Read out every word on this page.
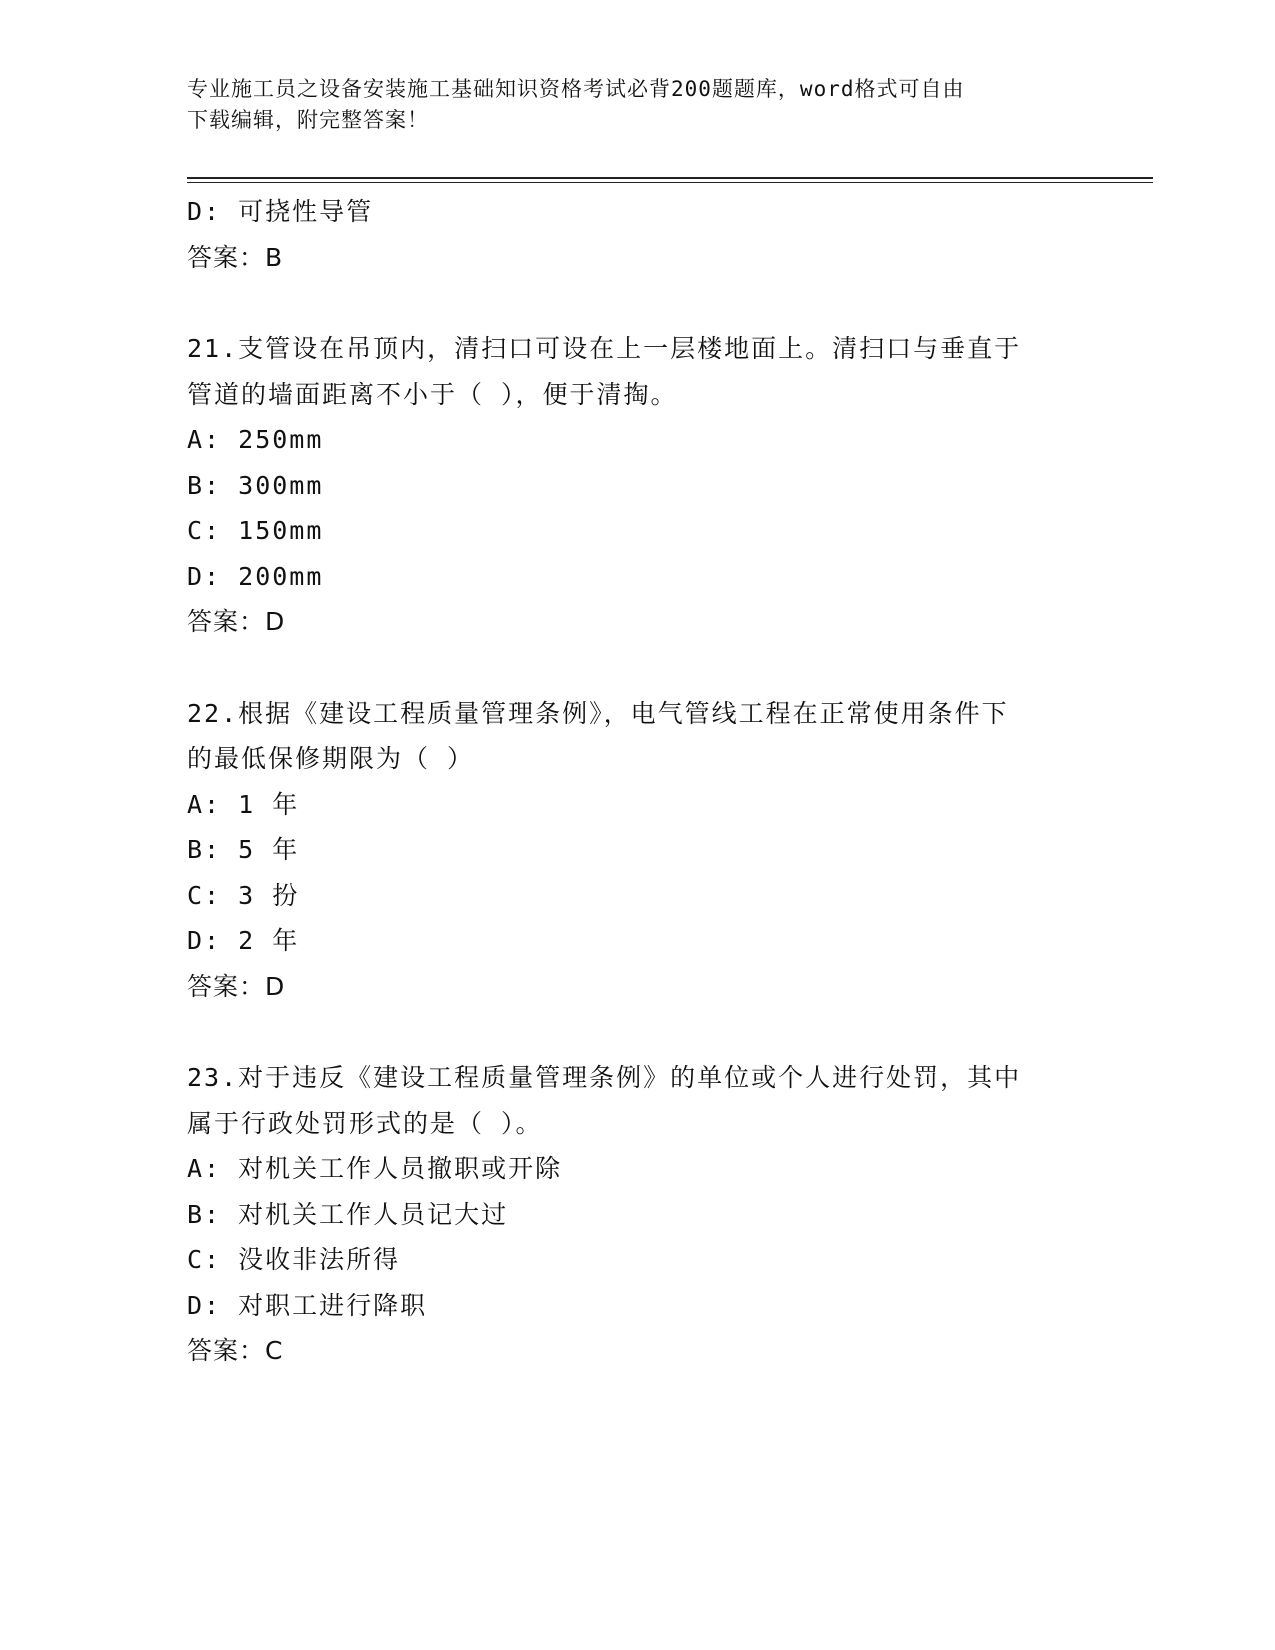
专业施工员之设备安装施工基础知识资格考试必背200题题库，word格式可自由
下载编辑，附完整答案！
D: 可挠性导管
答案：B
21.支管设在吊顶内，清扫口可设在上一层楼地面上。清扫口与垂直于
管道的墙面距离不小于（ ），便于清掏。
A: 250mm
B: 300mm
C: 150mm
D: 200mm
答案：D
22.根据《建设工程质量管理条例》，电气管线工程在正常使用条件下
的最低保修期限为（ ）
A: 1 年
B: 5 年
C: 3 扮
D: 2 年
答案：D
23.对于违反《建设工程质量管理条例》的单位或个人进行处罚，其中
属于行政处罚形式的是（ ）。
A: 对机关工作人员撤职或开除
B: 对机关工作人员记大过
C: 没收非法所得
D: 对职工进行降职
答案：C
